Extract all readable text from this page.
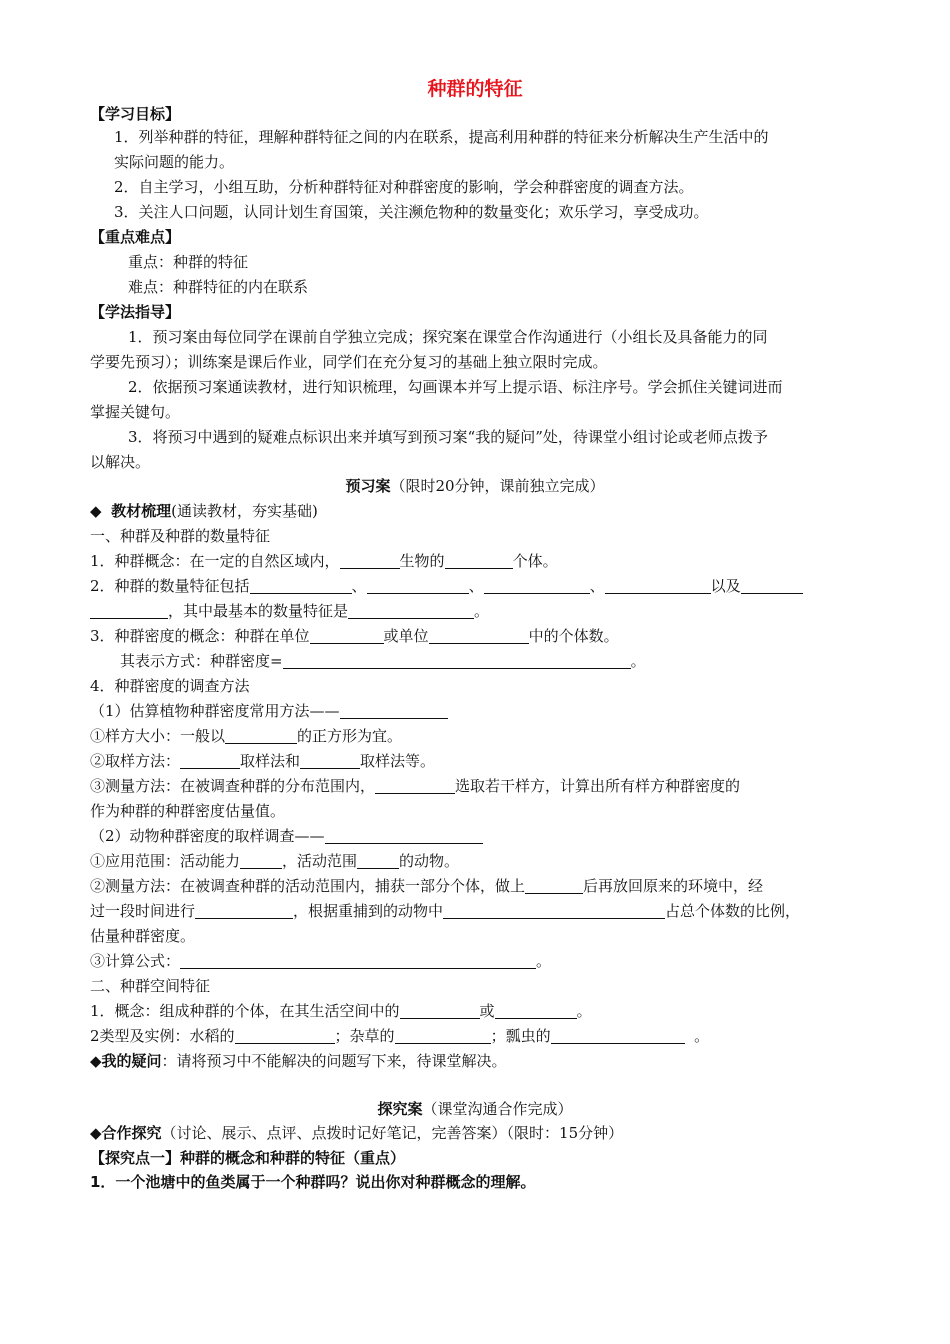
种群的特征
【学习目标】
1．列举种群的特征，理解种群特征之间的内在联系，提高利用种群的特征来分析解决生产生活中的
实际问题的能力。
2．自主学习，小组互助，分析种群特征对种群密度的影响，学会种群密度的调查方法。
3．关注人口问题，认同计划生育国策，关注濒危物种的数量变化；欢乐学习，享受成功。
【重点难点】
重点：种群的特征
难点：种群特征的内在联系
【学法指导】
1．预习案由每位同学在课前自学独立完成；探究案在课堂合作沟通进行（小组长及具备能力的同
学要先预习）；训练案是课后作业，同学们在充分复习的基础上独立限时完成。
2．依据预习案通读教材，进行知识梳理，勾画课本并写上提示语、标注序号。学会抓住关键词进而
掌握关键句。
3．将预习中遇到的疑难点标识出来并填写到预习案“我的疑问”处，待课堂小组讨论或老师点拨予
以解决。
预习案（限时20分钟，课前独立完成）
◆ 教材梳理(通读教材，夯实基础)
一、种群及种群的数量特征
1．种群概念：在一定的自然区域内，	生物的	个体。
2．种群的数量特征包括	、	、	、	以及
，其中最基本的数量特征是	。
3．种群密度的概念：种群在单位	或单位	中的个体数。
其表示方式：种群密度=	。
4．种群密度的调查方法
（1）估算植物种群密度常用方法——
①样方大小：一般以	的正方形为宜。
②取样方法：	取样法和	取样法等。
③测量方法：在被调查种群的分布范围内，	选取若干样方，计算出所有样方种群密度的
作为种群的种群密度估量值。
（2）动物种群密度的取样调查——
①应用范围：活动能力	，活动范围	的动物。
②测量方法：在被调查种群的活动范围内，捕获一部分个体，做上	后再放回原来的环境中，经
过一段时间进行	，根据重捕到的动物中	占总个体数的比例，
估量种群密度。
③计算公式：	。
二、种群空间特征
1．概念：组成种群的个体，在其生活空间中的	或	。
2类型及实例：水稻的	；杂草的	；瓢虫的	。
◆我的疑问：请将预习中不能解决的问题写下来，待课堂解决。
探究案（课堂沟通合作完成）
◆合作探究（讨论、展示、点评、点拨时记好笔记，完善答案）（限时：15分钟）
【探究点一】种群的概念和种群的特征（重点）
1．一个池塘中的鱼类属于一个种群吗？说出你对种群概念的理解。
